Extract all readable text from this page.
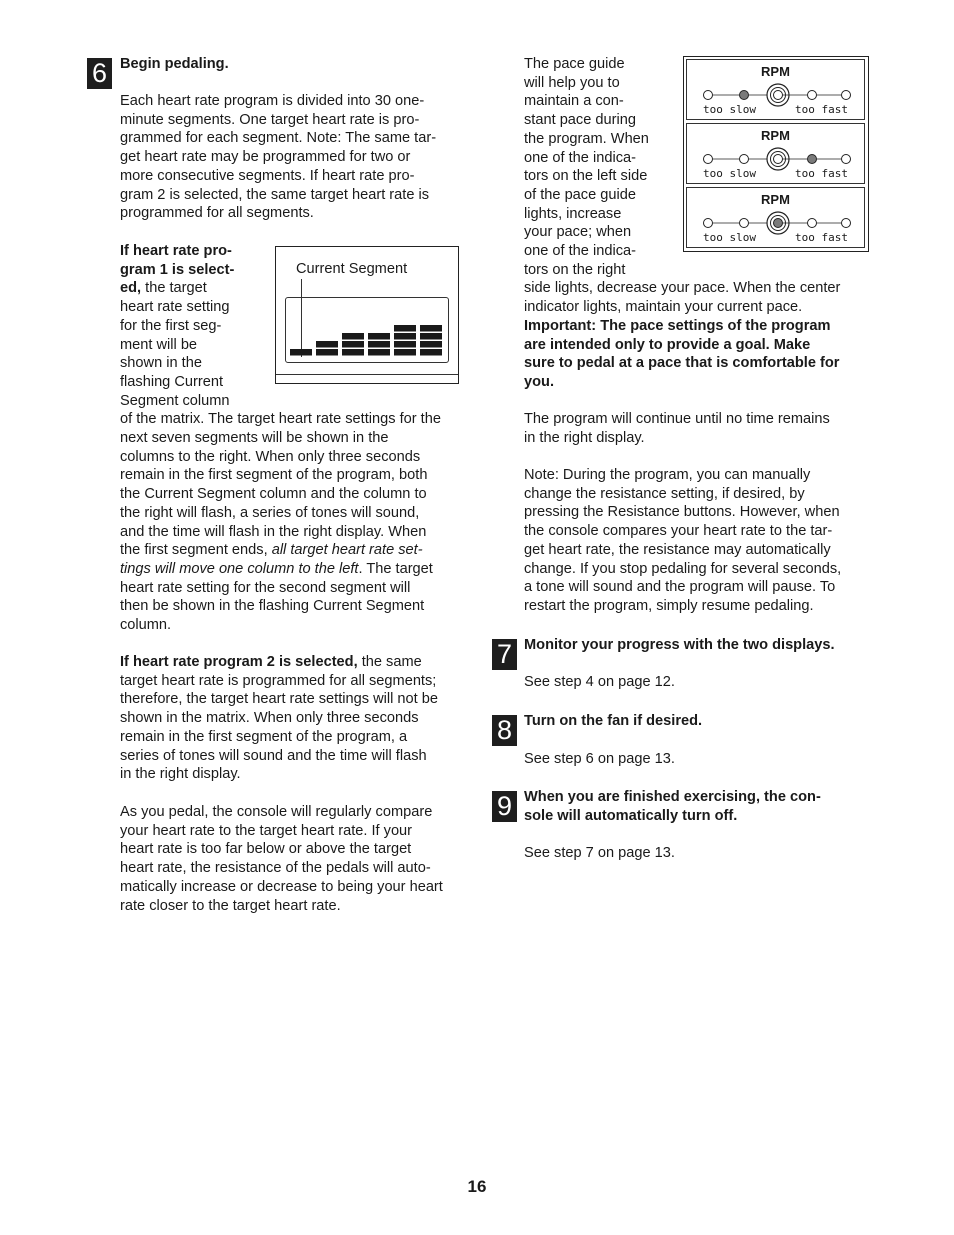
6
7
8
9

Begin pedaling.

Each heart rate program is divided into 30 one-
minute segments. One target heart rate is pro-
grammed for each segment. Note: The same tar-
get heart rate may be programmed for two or
more consecutive segments. If heart rate pro-
gram 2 is selected, the same target heart rate is
programmed for all segments.

If heart rate pro-
gram 1 is select-
ed, the target
heart rate setting
for the first seg-
ment will be
shown in the
flashing Current
Segment column
of the matrix. The target heart rate settings for the
next seven segments will be shown in the
columns to the right. When only three seconds
remain in the first segment of the program, both
the Current Segment column and the column to
the right will flash, a series of tones will sound,
and the time will flash in the right display. When
the first segment ends, all target heart rate set-
tings will move one column to the left. The target
heart rate setting for the second segment will
then be shown in the flashing Current Segment
column.

Current Segment

If heart rate program 2 is selected, the same
target heart rate is programmed for all segments;
therefore, the target heart rate settings will not be
shown in the matrix. When only three seconds
remain in the first segment of the program, a
series of tones will sound and the time will flash
in the right display.

As you pedal, the console will regularly compare
your heart rate to the target heart rate. If your
heart rate is too far below or above the target
heart rate, the resistance of the pedals will auto-
matically increase or decrease to being your heart
rate closer to the target heart rate.

The pace guide
will help you to
maintain a con-
stant pace during
the program. When
one of the indica-
tors on the left side
of the pace guide
lights, increase
your pace; when
one of the indica-
tors on the right
side lights, decrease your pace. When the center
indicator lights, maintain your current pace.
Important: The pace settings of the program
are intended only to provide a goal. Make
sure to pedal at a pace that is comfortable for
you.

RPM
too slow	too fast
RPM
too slow	too fast
RPM
too slow	too fast

The program will continue until no time remains
in the right display.

Note: During the program, you can manually
change the resistance setting, if desired, by
pressing the Resistance buttons. However, when
the console compares your heart rate to the tar-
get heart rate, the resistance may automatically
change. If you stop pedaling for several seconds,
a tone will sound and the program will pause. To
restart the program, simply resume pedaling.

Monitor your progress with the two displays.

See step 4 on page 12.

Turn on the fan if desired.

See step 6 on page 13.

When you are finished exercising, the con-
sole will automatically turn off.

See step 7 on page 13.

16
